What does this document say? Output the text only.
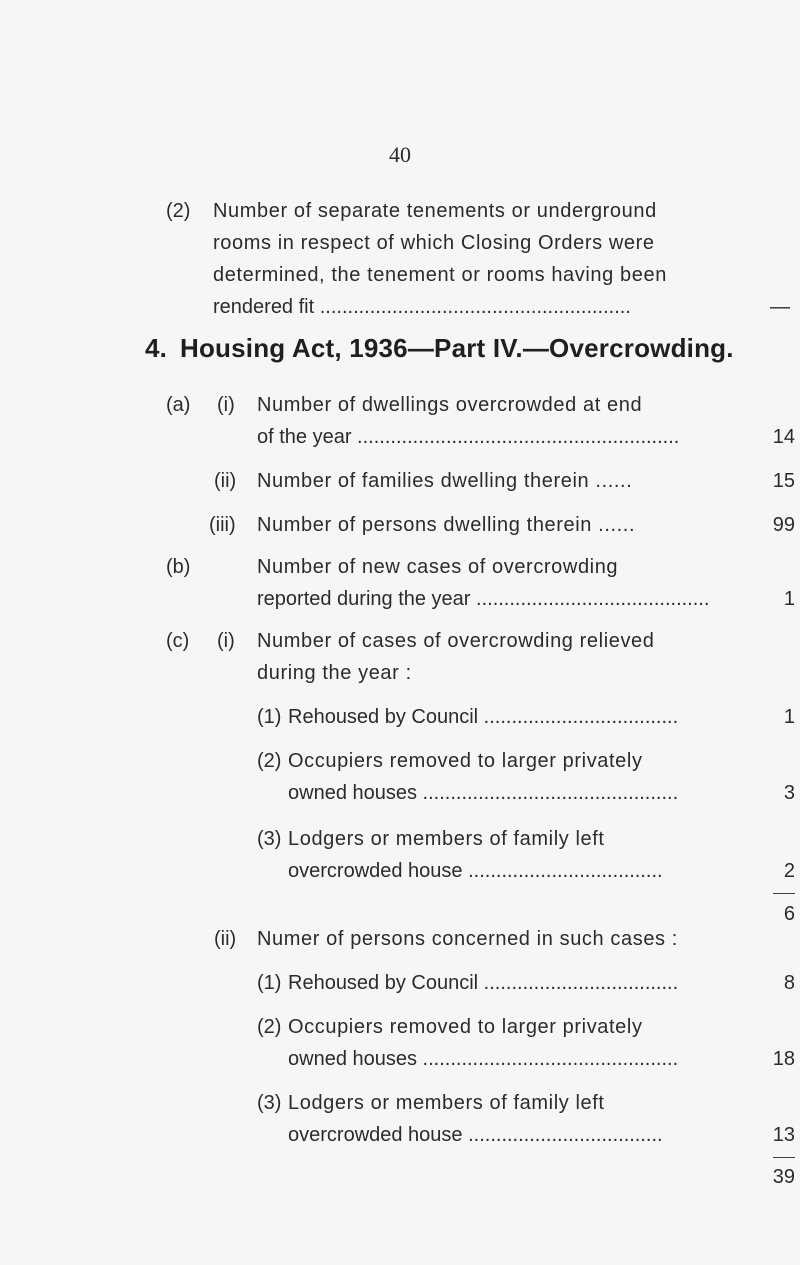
40
(2) Number of separate tenements or underground
rooms in respect of which Closing Orders were
determined, the tenement or rooms having been
rendered fit ........................................................	—
4. Housing Act, 1936—Part IV.—Overcrowding.
(a) (i) Number of dwellings overcrowded at end
of the year ..........................................................	14
(ii) Number of families dwelling therein ......	15
(iii) Number of persons dwelling therein ......	99
(b)	Number of new cases of overcrowding
reported during the year ..........................................	1
(c) (i) Number of cases of overcrowding relieved
during the year :
(1) Rehoused by Council ...................................	1
(2) Occupiers removed to larger privately
owned houses ..............................................	3
(3) Lodgers or members of family left
overcrowded house ...................................	2
6
(ii) Numer of persons concerned in such cases :
(1) Rehoused by Council ...................................	8
(2) Occupiers removed to larger privately
owned houses ..............................................	18
(3) Lodgers or members of family left
overcrowded house ...................................	13
39
